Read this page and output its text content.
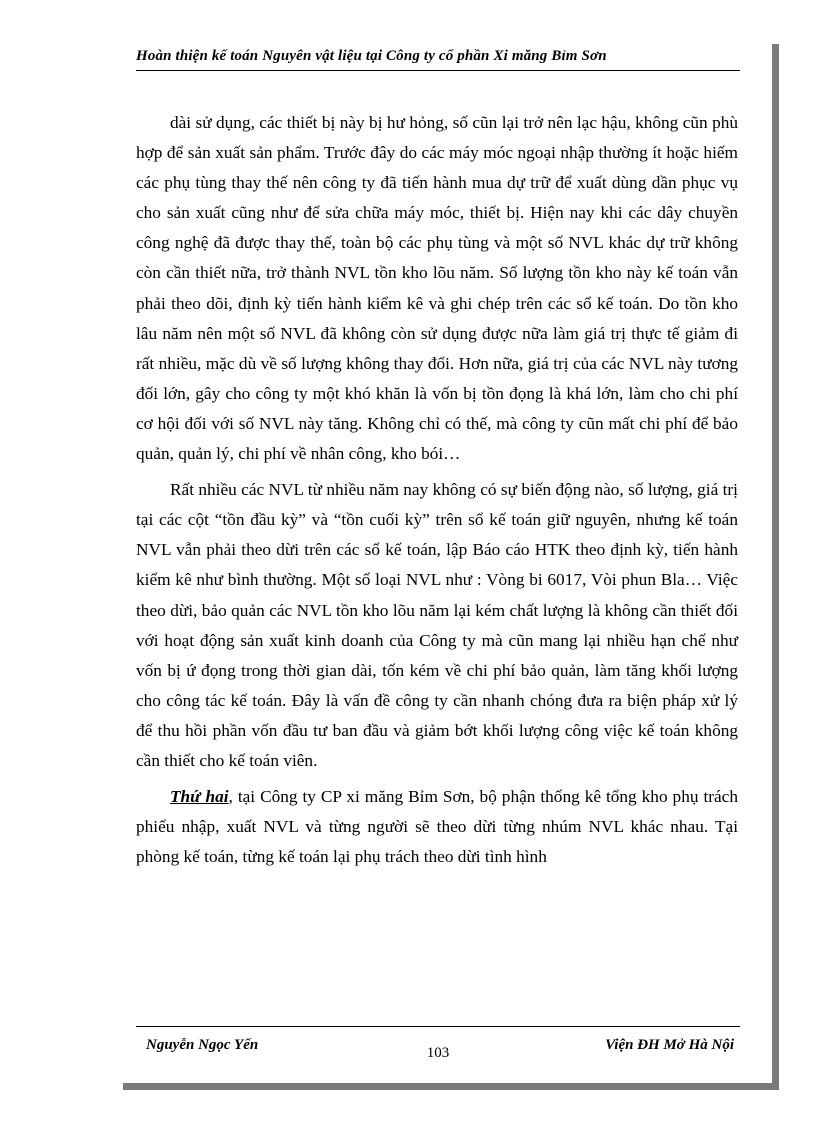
Hoàn thiện kế toán Nguyên vật liệu tại Công ty cổ phần Xi măng Bỉm Sơn

dài sử dụng, các thiết bị này bị hư hỏng, số cũn lại trở nên lạc hậu, không cũn phù hợp để sản xuất sản phẩm. Trước đây do các máy móc ngoại nhập thường ít hoặc hiếm các phụ tùng thay thế nên công ty đã tiến hành mua dự trữ để xuất dùng dần phục vụ cho sản xuất cũng như để sửa chữa máy móc, thiết bị. Hiện nay khi các dây chuyền công nghệ đã được thay thế, toàn bộ các phụ tùng và một số NVL khác dự trữ không còn cần thiết nữa, trở thành NVL tồn kho lõu năm. Số lượng tồn kho này kế toán vẫn phải theo dõi, định kỳ tiến hành kiểm kê và ghi chép trên các sổ kế toán. Do tồn kho lâu năm nên một số NVL đã không còn sử dụng được nữa làm giá trị thực tế giảm đi rất nhiều, mặc dù về số lượng không thay đổi. Hơn nữa, giá trị của các NVL này tương đối lớn, gây cho công ty một khó khăn là vốn bị tồn đọng là khá lớn, làm cho chi phí cơ hội đối với số NVL này tăng. Không chỉ có thế, mà công ty cũn mất chi phí để bảo quản, quản lý, chi phí về nhân công, kho bói…

Rất nhiều các NVL từ nhiều năm nay không có sự biến động nào, số lượng, giá trị tại các cột “tồn đầu kỳ” và “tồn cuối kỳ” trên sổ kế toán giữ nguyên, nhưng kế toán NVL vẫn phải theo dừi trên các sổ kế toán, lập Báo cáo HTK theo định kỳ, tiến hành kiểm kê như bình thường. Một số loại NVL như : Vòng bi 6017, Vòi phun Bla… Việc theo dừi, bảo quản các NVL tồn kho lõu năm lại kém chất lượng là không cần thiết đối với hoạt động sản xuất kinh doanh của Công ty mà cũn mang lại nhiều hạn chế như vốn bị ứ đọng trong thời gian dài, tốn kém về chi phí bảo quản, làm tăng khối lượng cho công tác kế toán. Đây là vấn đề công ty cần nhanh chóng đưa ra biện pháp xử lý để thu hồi phần vốn đầu tư ban đầu và giảm bớt khối lượng công việc kế toán không cần thiết cho kế toán viên.

Thứ hai, tại Công ty CP xi măng Bỉm Sơn, bộ phận thống kê tổng kho phụ trách phiếu nhập, xuất NVL và từng người sẽ theo dừi từng nhúm NVL khác nhau. Tại phòng kế toán, từng kế toán lại phụ trách theo dừi tình hình

Nguyễn Ngọc Yến	103	Viện ĐH Mở Hà Nội
